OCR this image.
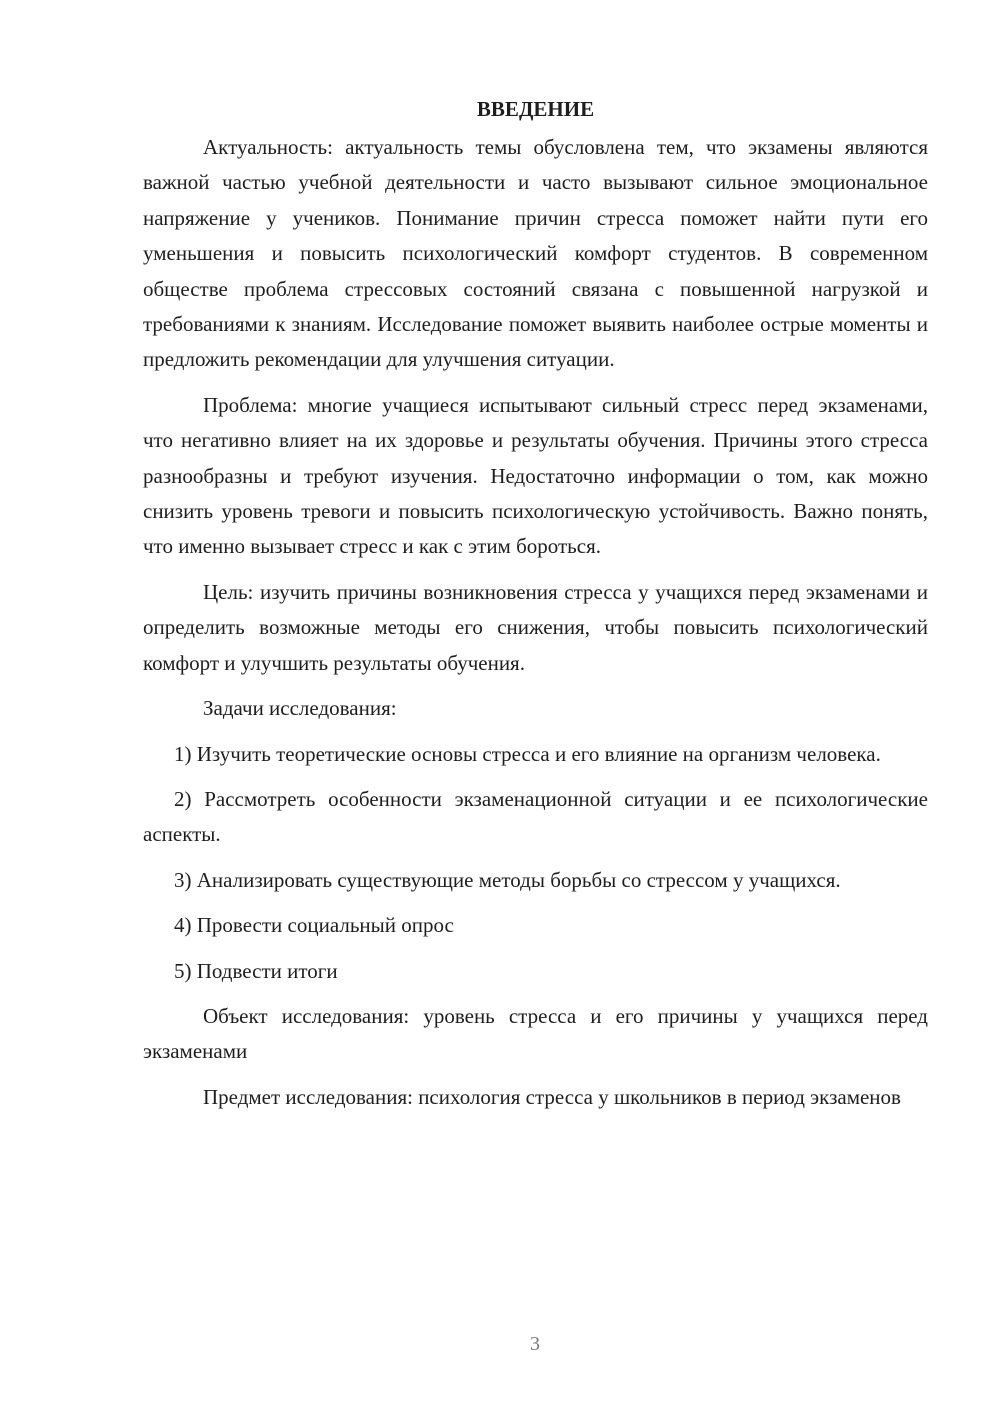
ВВЕДЕНИЕ

Актуальность: актуальность темы обусловлена тем, что экзамены являются важной частью учебной деятельности и часто вызывают сильное эмоциональное напряжение у учеников. Понимание причин стресса поможет найти пути его уменьшения и повысить психологический комфорт студентов. В современном обществе проблема стрессовых состояний связана с повышенной нагрузкой и требованиями к знаниям. Исследование поможет выявить наиболее острые моменты и предложить рекомендации для улучшения ситуации.

Проблема: многие учащиеся испытывают сильный стресс перед экзаменами, что негативно влияет на их здоровье и результаты обучения. Причины этого стресса разнообразны и требуют изучения. Недостаточно информации о том, как можно снизить уровень тревоги и повысить психологическую устойчивость. Важно понять, что именно вызывает стресс и как с этим бороться.

Цель: изучить причины возникновения стресса у учащихся перед экзаменами и определить возможные методы его снижения, чтобы повысить психологический комфорт и улучшить результаты обучения.

Задачи исследования:

1) Изучить теоретические основы стресса и его влияние на организм человека.

2) Рассмотреть особенности экзаменационной ситуации и ее психологические аспекты.

3) Анализировать существующие методы борьбы со стрессом у учащихся.

4) Провести социальный опрос

5) Подвести итоги

Объект исследования: уровень стресса и его причины у учащихся перед экзаменами

Предмет исследования: психология стресса у школьников в период экзаменов

3
